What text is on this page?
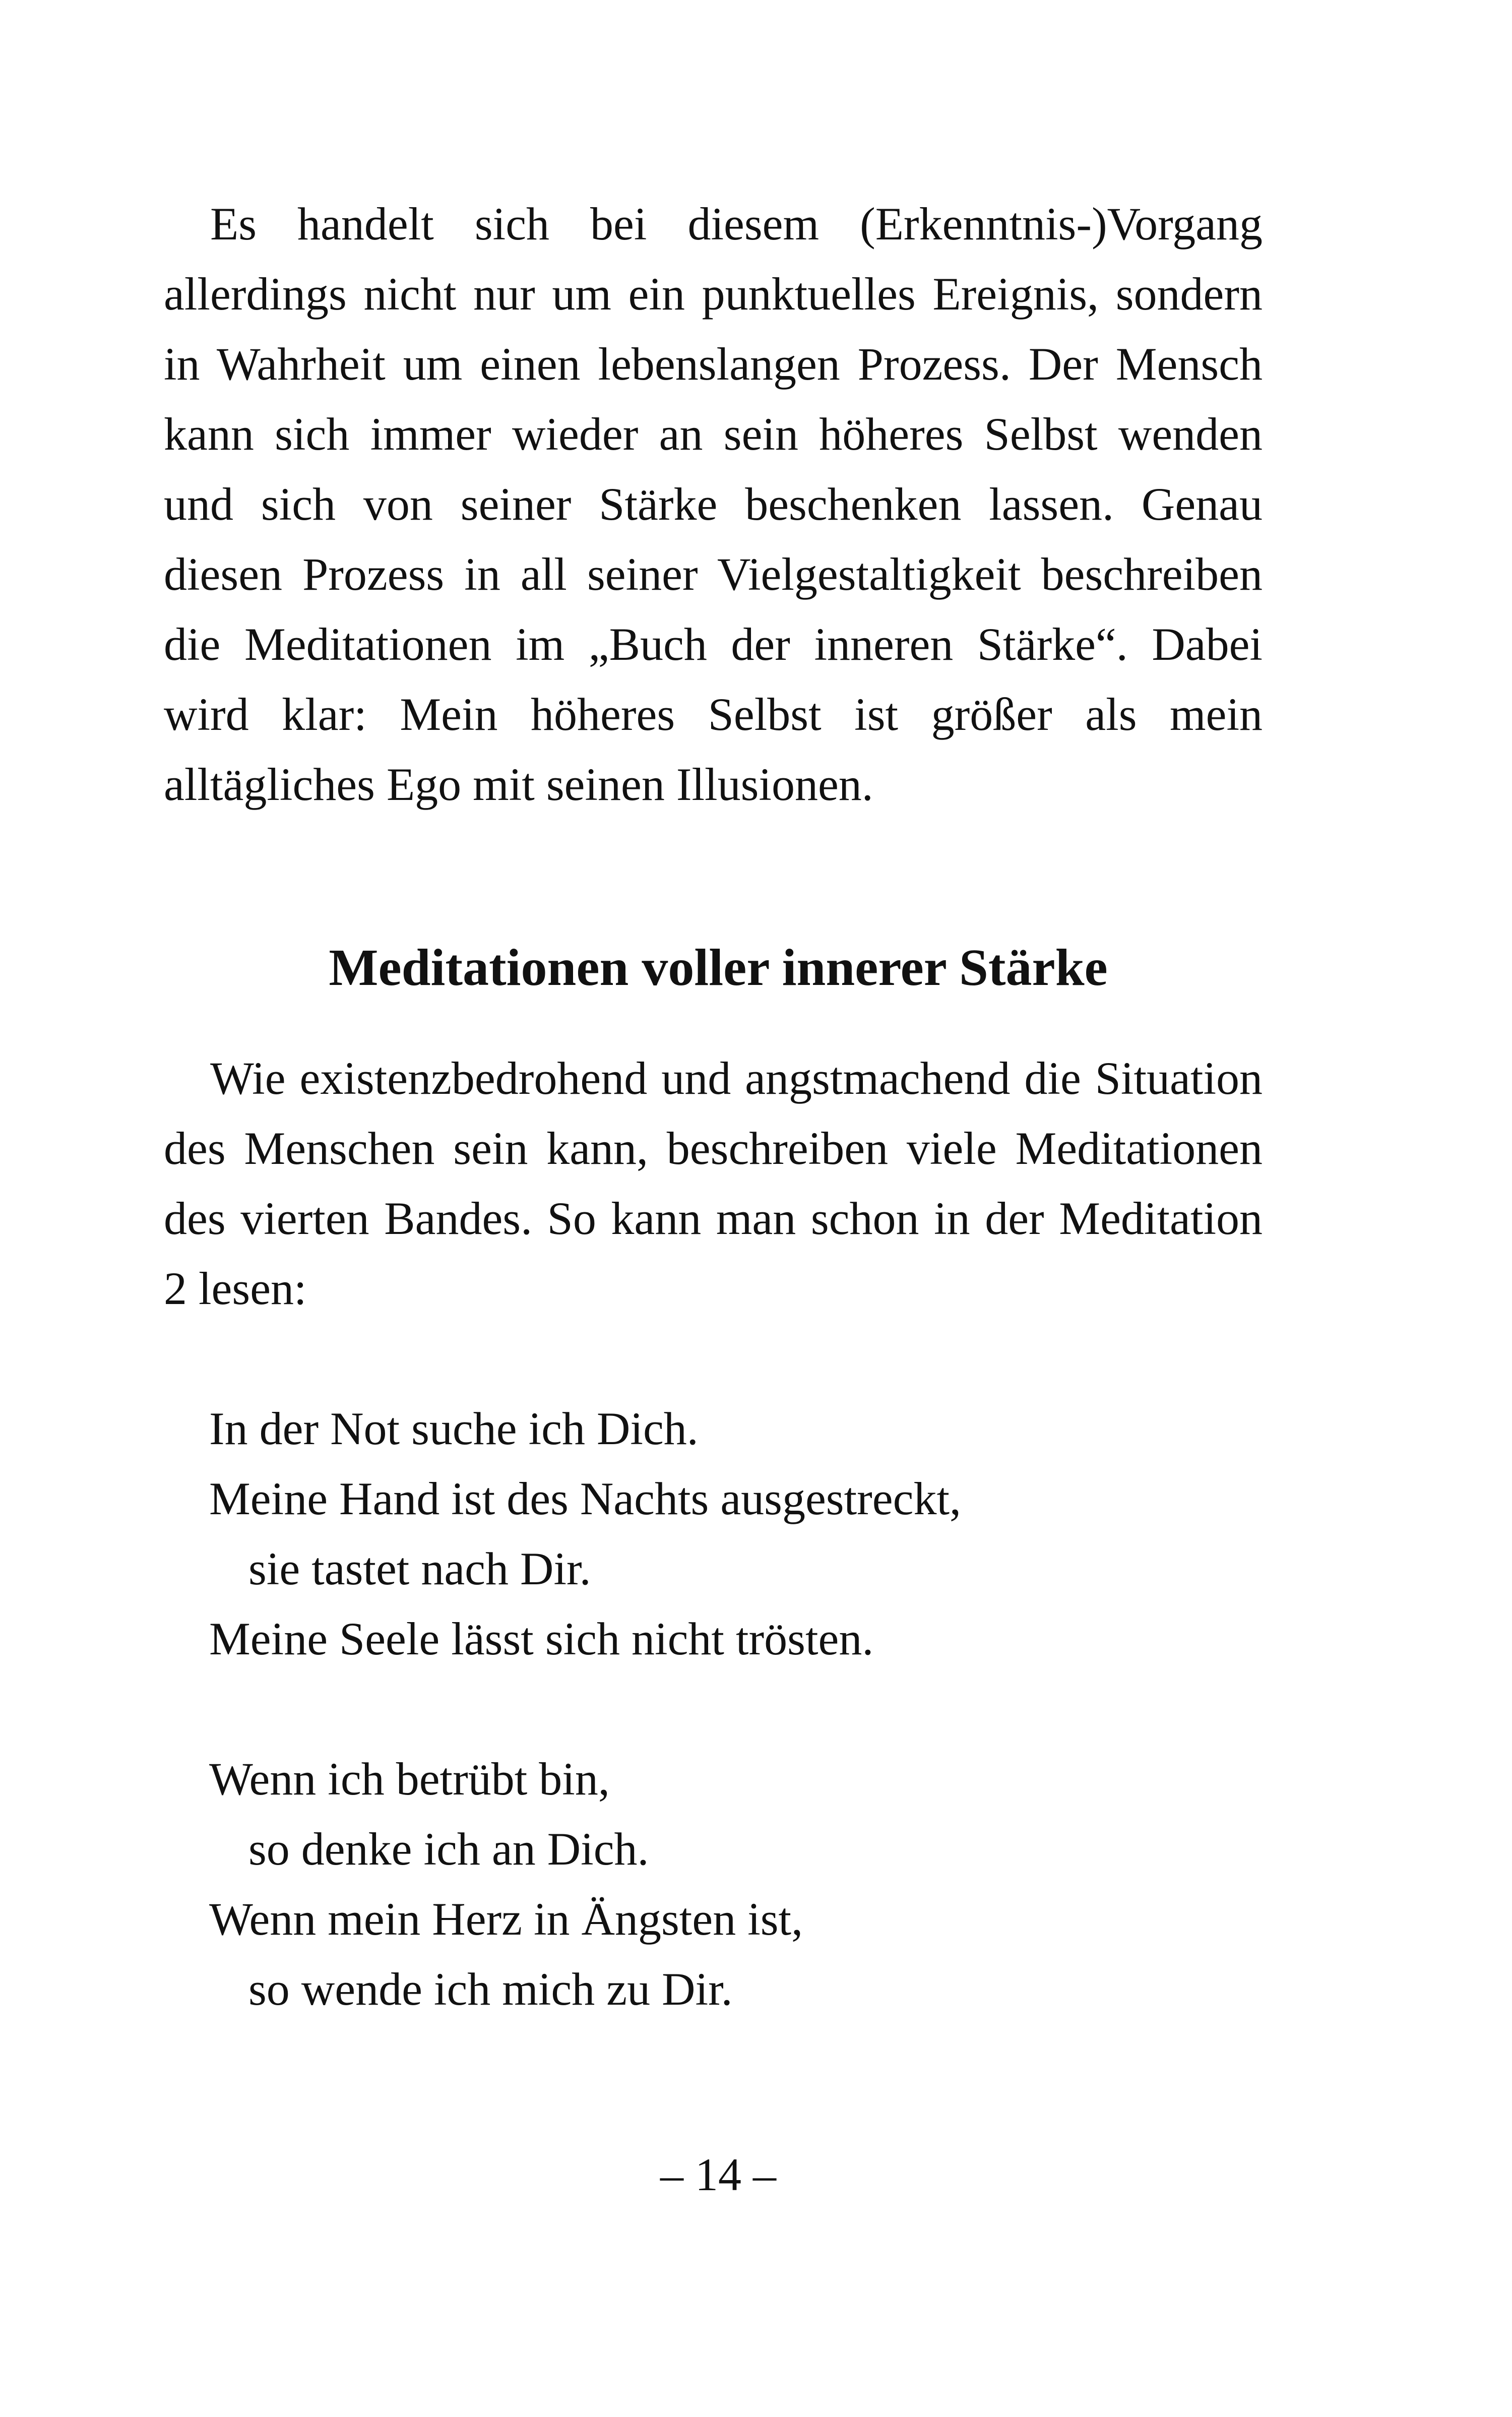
Es handelt sich bei diesem (Erkenntnis-)Vorgang allerdings nicht nur um ein punktuelles Ereignis, sondern in Wahrheit um einen lebenslangen Prozess. Der Mensch kann sich immer wieder an sein höheres Selbst wenden und sich von seiner Stärke beschenken lassen. Genau diesen Prozess in all seiner Vielgestaltigkeit beschreiben die Meditationen im „Buch der inneren Stärke“. Dabei wird klar: Mein höheres Selbst ist größer als mein alltägliches Ego mit seinen Illusionen.

Meditationen voller innerer Stärke

Wie existenzbedrohend und angstmachend die Situation des Menschen sein kann, beschreiben viele Meditationen des vierten Bandes. So kann man schon in der Meditation 2 lesen:

In der Not suche ich Dich.
Meine Hand ist des Nachts ausgestreckt,
sie tastet nach Dir.
Meine Seele lässt sich nicht trösten.
Wenn ich betrübt bin,
so denke ich an Dich.
Wenn mein Herz in Ängsten ist,
so wende ich mich zu Dir.
– 14 –
